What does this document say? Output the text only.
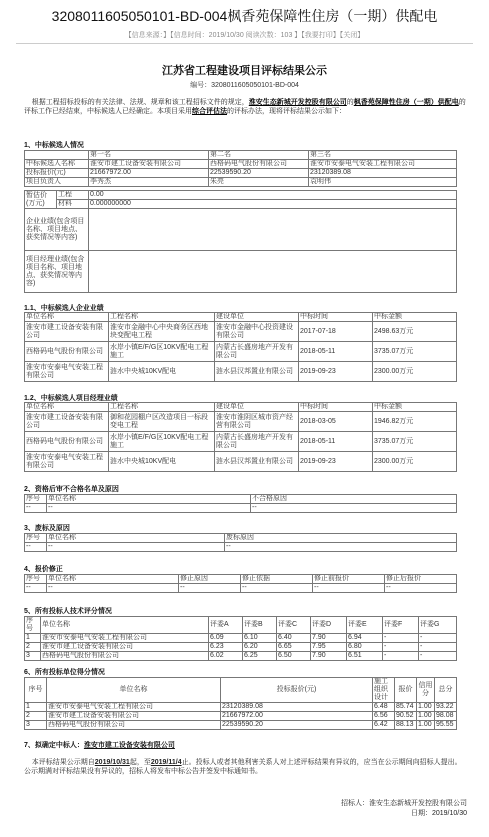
3208011605050101-BD-004枫香苑保障性住房（一期）供配电
【信息来源：】【信息时间：2019/10/30 阅读次数：103 】【我要打印】【关闭】
江苏省工程建设项目评标结果公示
编号：3208011605050101-BD-004
根据工程招标投标的有关法律、法规、规章和该工程招标文件的规定，淮安生态新城开发控股有限公司的枫香苑保障性住房（一期）供配电的评标工作已经结束，中标候选人已经确定。本项目采用综合评估法的评标办法，现将评标结果公示如下：
1、中标候选人情况
	第一名	第二名	第三名
中标候选人名称	淮安市建工设备安装有限公司	西格码电气股份有限公司	淮安市安泰电气安装工程有限公司
投标报价(元)	21667972.00	22539590.20	23120389.08
项目负责人	李秀杰	朱亮	袁明伟
暂估价
(万元)	工程	0.00
	材料	0.000000000
企业业绩(包含项目名称、项目地点、获奖情况等内容)	
项目经理业绩(包含项目名称、项目地点、获奖情况等内容)	
1.1、中标候选人企业业绩
单位名称	工程名称	建设单位	中标时间	中标金额
淮安市建工设备安装有限公司	淮安市金融中心中央商务区西地块变配电工程	淮安市金融中心投资建设有限公司	2017-07-18	2498.63万元
西格码电气股份有限公司	水岸小镇E/F/G区10KV配电工程施工	内蒙古长盛房地产开发有限公司	2018-05-11	3735.07万元
淮安市安泰电气安装工程有限公司	涟水中央城10KV配电	涟水县汉邦置业有限公司	2019-09-23	2300.00万元
1.2、中标候选人项目经理业绩
单位名称	工程名称	建设单位	中标时间	中标金额
淮安市建工设备安装有限公司	御和花园棚户区改造项目一标段变电工程	淮安市淮阴区城市资产经营有限公司	2018-03-05	1946.82万元
西格码电气股份有限公司	水岸小镇E/F/G区10KV配电工程施工	内蒙古长盛房地产开发有限公司	2018-05-11	3735.07万元
淮安市安泰电气安装工程有限公司	涟水中央城10KV配电	涟水县汉邦置业有限公司	2019-09-23	2300.00万元
2、资格后审不合格名单及原因
序号	单位名称	不合格原因
--	--	--
3、废标及原因
序号	单位名称	废标原因
--	--	--
4、报价修正
序号	单位名称	修正原因	修正依据	修正前报价	修正后报价
--	--	--	--	--	--
5、所有投标人技术评分情况
序号	单位名称	评委A	评委B	评委C	评委D	评委E	评委F	评委G
1	淮安市安泰电气安装工程有限公司	6.09	6.10	6.40	7.90	6.94	-	-
2	淮安市建工设备安装有限公司	6.23	6.20	6.65	7.95	6.80	-	-
3	西格码电气股份有限公司	6.02	6.25	6.50	7.90	6.51	-	-
6、所有投标单位得分情况
序号	单位名称	投标报价(元)	施工组织设计	报价	信用分	总分
1	淮安市安泰电气安装工程有限公司	23120389.08	6.48	85.74	1.00	93.22
2	淮安市建工设备安装有限公司	21667972.00	6.56	90.52	1.00	98.08
3	西格码电气股份有限公司	22539590.20	6.42	88.13	1.00	95.55
7、拟确定中标人：淮安市建工设备安装有限公司
本评标结果公示期自2019/10/31起，至2019/11/4止。投标人或者其他利害关系人对上述评标结果有异议的，应当在公示期间向招标人提出。公示期满对评标结果没有异议的，招标人将发布中标公告并签发中标通知书。
招标人：淮安生态新城开发控股有限公司
日期：2019/10/30
